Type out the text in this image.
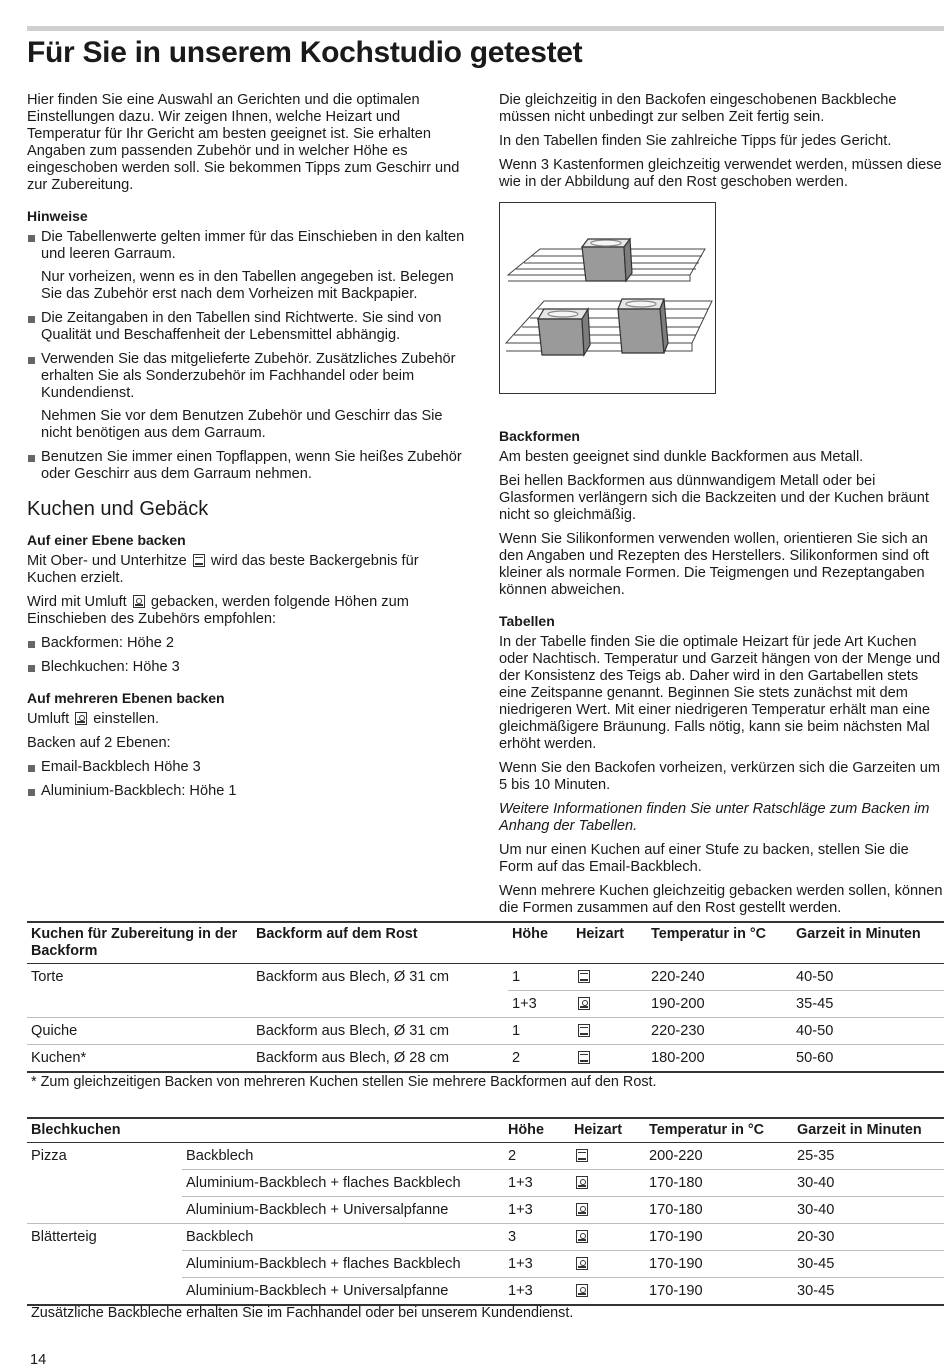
Für Sie in unserem Kochstudio getestet

Hier finden Sie eine Auswahl an Gerichten und die optimalen Einstellungen dazu. Wir zeigen Ihnen, welche Heizart und Temperatur für Ihr Gericht am besten geeignet ist. Sie erhalten Angaben zum passenden Zubehör und in welcher Höhe es eingeschoben werden soll. Sie bekommen Tipps zum Geschirr und zur Zubereitung.

Hinweise

Die Tabellenwerte gelten immer für das Einschieben in den kalten und leeren Garraum.

Nur vorheizen, wenn es in den Tabellen angegeben ist. Belegen Sie das Zubehör erst nach dem Vorheizen mit Backpapier.

Die Zeitangaben in den Tabellen sind Richtwerte. Sie sind von Qualität und Beschaffenheit der Lebensmittel abhängig.

Verwenden Sie das mitgelieferte Zubehör. Zusätzliches Zubehör erhalten Sie als Sonderzubehör im Fachhandel oder beim Kundendienst.

Nehmen Sie vor dem Benutzen Zubehör und Geschirr das Sie nicht benötigen aus dem Garraum.

Benutzen Sie immer einen Topflappen, wenn Sie heißes Zubehör oder Geschirr aus dem Garraum nehmen.

Kuchen und Gebäck
Auf einer Ebene backen

Mit Ober- und Unterhitze wird das beste Backergebnis für Kuchen erzielt.

Wird mit Umluft gebacken, werden folgende Höhen zum Einschieben des Zubehörs empfohlen:

Backformen: Höhe 2
Blechkuchen: Höhe 3
Auf mehreren Ebenen backen

Umluft einstellen.

Backen auf 2 Ebenen:

Email-Backblech Höhe 3
Aluminium-Backblech: Höhe 1

Die gleichzeitig in den Backofen eingeschobenen Backbleche müssen nicht unbedingt zur selben Zeit fertig sein.

In den Tabellen finden Sie zahlreiche Tipps für jedes Gericht.

Wenn 3 Kastenformen gleichzeitig verwendet werden, müssen diese wie in der Abbildung auf den Rost geschoben werden.

Backformen

Am besten geeignet sind dunkle Backformen aus Metall.

Bei hellen Backformen aus dünnwandigem Metall oder bei Glasformen verlängern sich die Backzeiten und der Kuchen bräunt nicht so gleichmäßig.

Wenn Sie Silikonformen verwenden wollen, orientieren Sie sich an den Angaben und Rezepten des Herstellers. Silikonformen sind oft kleiner als normale Formen. Die Teigmengen und Rezeptangaben können abweichen.

Tabellen

In der Tabelle finden Sie die optimale Heizart für jede Art Kuchen oder Nachtisch. Temperatur und Garzeit hängen von der Menge und der Konsistenz des Teigs ab. Daher wird in den Gartabellen stets eine Zeitspanne genannt. Beginnen Sie stets zunächst mit dem niedrigeren Wert. Mit einer niedrigeren Temperatur erhält man eine gleichmäßigere Bräunung. Falls nötig, kann sie beim nächsten Mal erhöht werden.

Wenn Sie den Backofen vorheizen, verkürzen sich die Garzeiten um 5 bis 10 Minuten.

Weitere Informationen finden Sie unter Ratschläge zum Backen im Anhang der Tabellen.

Um nur einen Kuchen auf einer Stufe zu backen, stellen Sie die Form auf das Email-Backblech.

Wenn mehrere Kuchen gleichzeitig gebacken werden sollen, können die Formen zusammen auf den Rost gestellt werden.

Kuchen für Zubereitung in der Backform	Backform auf dem Rost	Höhe	Heizart	Temperatur in °C	Garzeit in Minuten
Torte	Backform aus Blech, Ø 31 cm	1		220-240	40-50
		1+3		190-200	35-45
Quiche	Backform aus Blech, Ø 31 cm	1		220-230	40-50
Kuchen*	Backform aus Blech, Ø 28 cm	2		180-200	50-60
* Zum gleichzeitigen Backen von mehreren Kuchen stellen Sie mehrere Backformen auf den Rost.
Blechkuchen		Höhe	Heizart	Temperatur in °C	Garzeit in Minuten
Pizza	Backblech	2		200-220	25-35
	Aluminium-Backblech + flaches Backblech	1+3		170-180	30-40
	Aluminium-Backblech + Universalpfanne	1+3		170-180	30-40
Blätterteig	Backblech	3		170-190	20-30
	Aluminium-Backblech + flaches Backblech	1+3		170-190	30-45
	Aluminium-Backblech + Universalpfanne	1+3		170-190	30-45
Zusätzliche Backbleche erhalten Sie im Fachhandel oder bei unserem Kundendienst.
14
